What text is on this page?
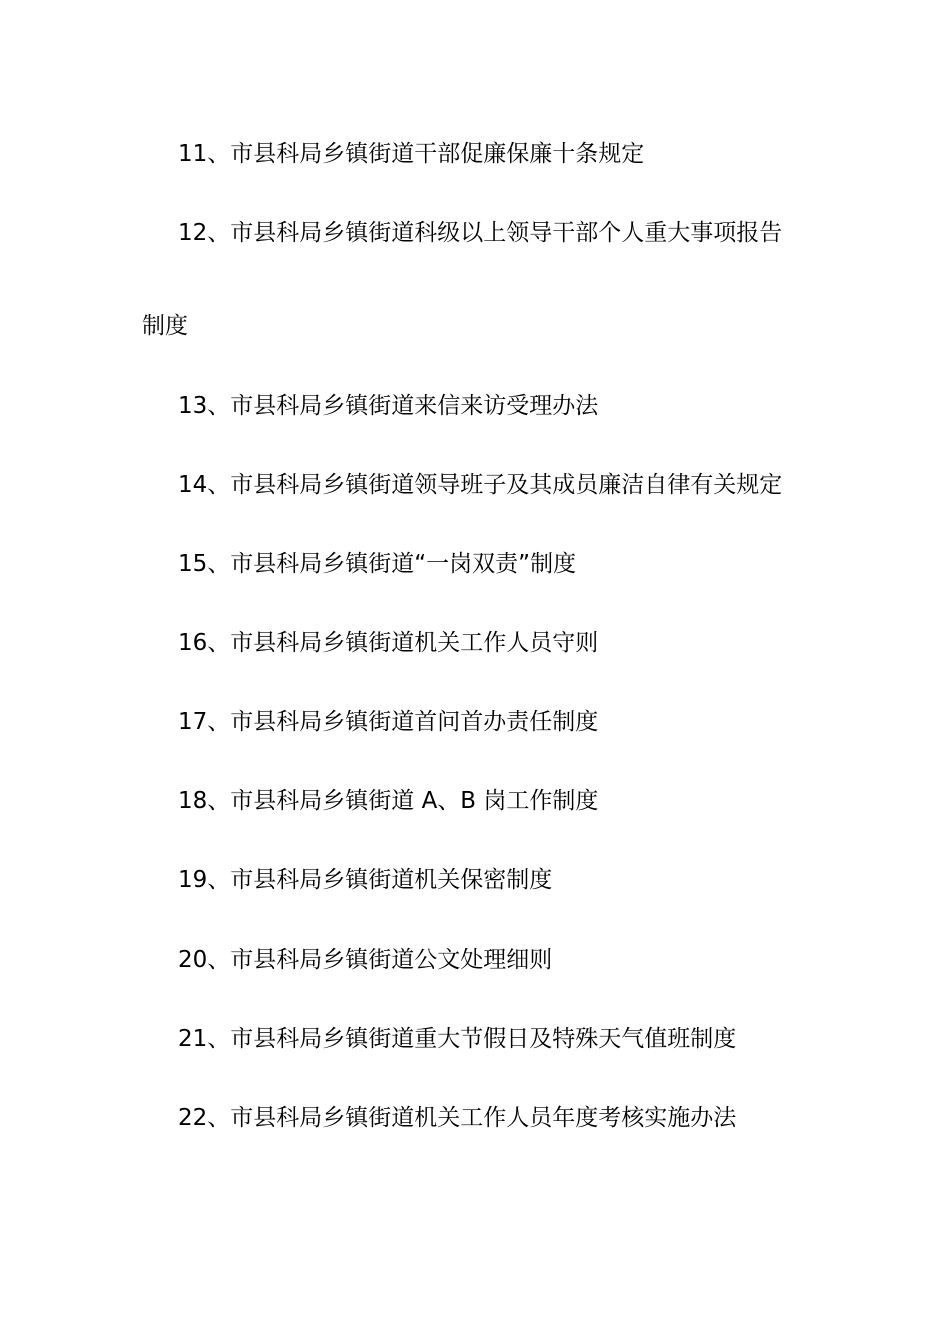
11、市县科局乡镇街道干部促廉保廉十条规定
12、市县科局乡镇街道科级以上领导干部个人重大事项报告
制度
13、市县科局乡镇街道来信来访受理办法
14、市县科局乡镇街道领导班子及其成员廉洁自律有关规定
15、市县科局乡镇街道“一岗双责”制度
16、市县科局乡镇街道机关工作人员守则
17、市县科局乡镇街道首问首办责任制度
18、市县科局乡镇街道 A、B 岗工作制度
19、市县科局乡镇街道机关保密制度
20、市县科局乡镇街道公文处理细则
21、市县科局乡镇街道重大节假日及特殊天气值班制度
22、市县科局乡镇街道机关工作人员年度考核实施办法
